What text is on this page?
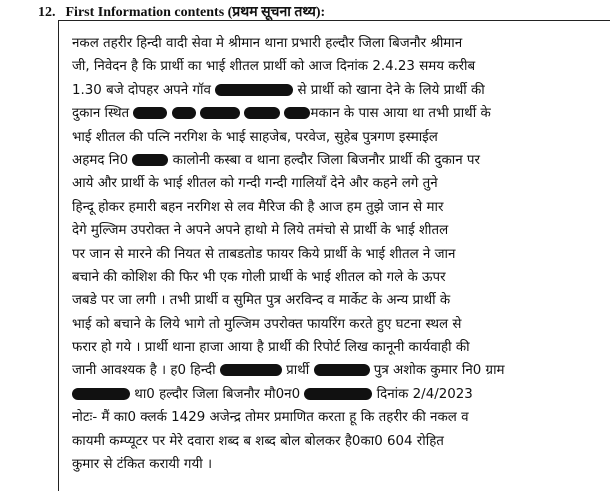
12. First Information contents (प्रथम सूचना तथ्य):
नकल तहरीर हिन्दी वादी सेवा मे श्रीमान थाना प्रभारी हल्दौर जिला बिजनौर श्रीमान
जी, निवेदन है कि प्रार्थी का भाई शीतल प्रार्थी को आज दिनांक 2.4.23 समय करीब
1.30 बजे दोपहर अपने गॉव	से प्रार्थी को खाना देने के लिये प्रार्थी की
दुकान स्थित	मकान के पास आया था तभी प्रार्थी के
भाई शीतल की पत्नि नरगिश के भाई साहजेब, परवेज, सुहेब पुत्रगण इस्माईल
अहमद नि0	कालोनी कस्बा व थाना हल्दौर जिला बिजनौर प्रार्थी की दुकान पर
आये और प्रार्थी के भाई शीतल को गन्दी गन्दी गालियाँ देने और कहने लगे तुने
हिन्दू होकर हमारी बहन नरगिश से लव मैरिज की है आज हम तुझे जान से मार
देगे मुल्जिम उपरोक्त ने अपने अपने हाथो मे लिये तमंचो से प्रार्थी के भाई शीतल
पर जान से मारने की नियत से ताबडतोड फायर किये प्रार्थी के भाई शीतल ने जान
बचाने की कोशिश की फिर भी एक गोली प्रार्थी के भाई शीतल को गले के ऊपर
जबडे पर जा लगी । तभी प्रार्थी व सुमित पुत्र अरविन्द व मार्केट के अन्य प्रार्थी के
भाई को बचाने के लिये भागे तो मुल्जिम उपरोक्त फायरिंग करते हुए घटना स्थल से
फरार हो गये । प्रार्थी थाना हाजा आया है प्रार्थी की रिपोर्ट लिख कानूनी कार्यवाही की
जानी आवश्यक है । ह0 हिन्दी	प्रार्थी	पुत्र अशोक कुमार नि0 ग्राम
था0 हल्दौर जिला बिजनौर मौ0न0	दिनांक 2/4/2023
नोटः- मैं का0 क्लर्क 1429 अजेन्द्र तोमर प्रमाणित करता हू कि तहरीर की नकल व
कायमी कम्प्यूटर पर मेरे दवारा शब्द ब शब्द बोल बोलकर है0का0 604 रोहित
कुमार से टंकित करायी गयी ।
